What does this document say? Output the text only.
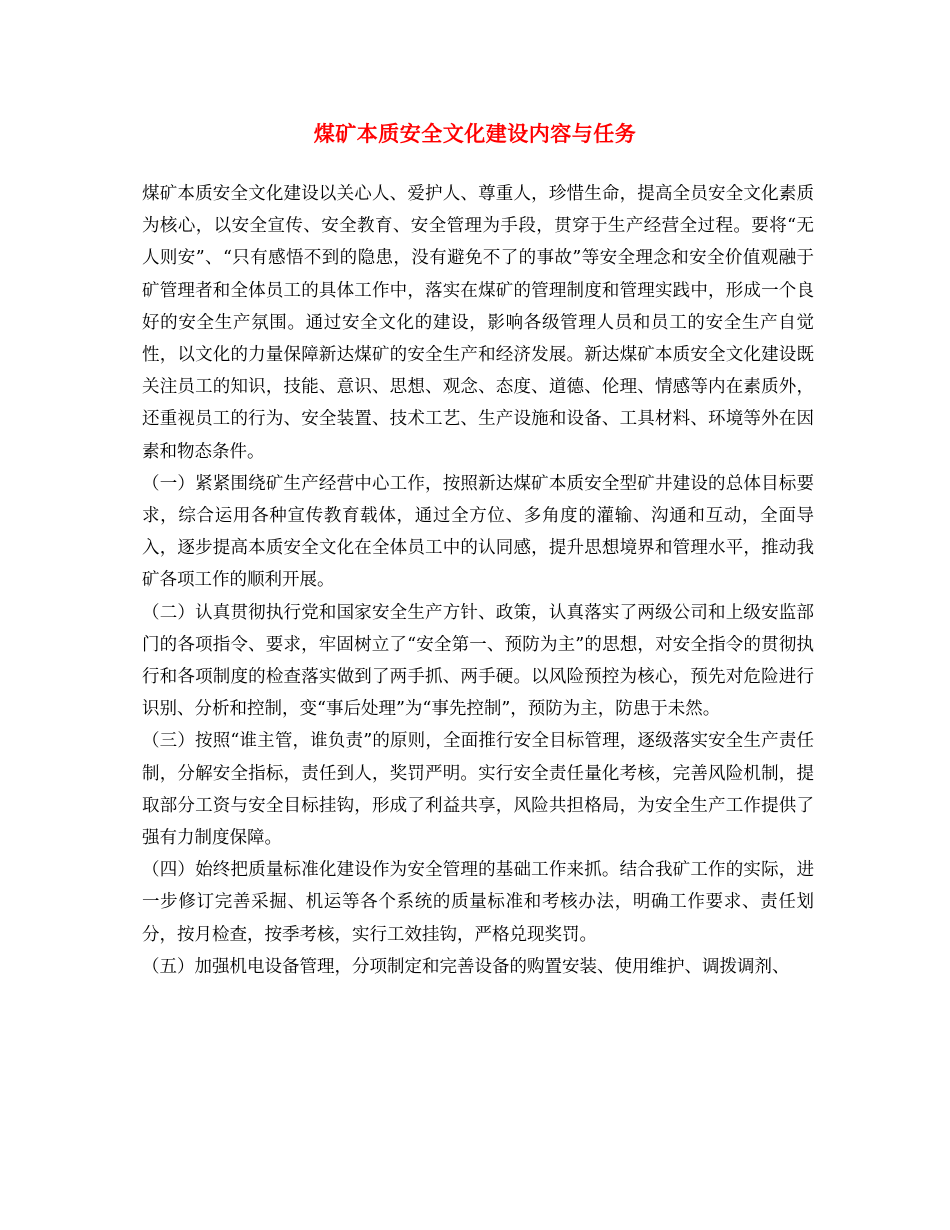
煤矿本质安全文化建设内容与任务

煤矿本质安全文化建设以关心人、爱护人、尊重人，珍惜生命，提高全员安全文化素质为核心，以安全宣传、安全教育、安全管理为手段，贯穿于生产经营全过程。要将“无人则安”、“只有感悟不到的隐患，没有避免不了的事故”等安全理念和安全价值观融于矿管理者和全体员工的具体工作中，落实在煤矿的管理制度和管理实践中，形成一个良好的安全生产氛围。通过安全文化的建设，影响各级管理人员和员工的安全生产自觉性，以文化的力量保障新达煤矿的安全生产和经济发展。新达煤矿本质安全文化建设既关注员工的知识，技能、意识、思想、观念、态度、道德、伦理、情感等内在素质外，还重视员工的行为、安全装置、技术工艺、生产设施和设备、工具材料、环境等外在因素和物态条件。

（一）紧紧围绕矿生产经营中心工作，按照新达煤矿本质安全型矿井建设的总体目标要求，综合运用各种宣传教育载体，通过全方位、多角度的灌输、沟通和互动，全面导入，逐步提高本质安全文化在全体员工中的认同感，提升思想境界和管理水平，推动我矿各项工作的顺利开展。

（二）认真贯彻执行党和国家安全生产方针、政策，认真落实了两级公司和上级安监部门的各项指令、要求，牢固树立了“安全第一、预防为主”的思想，对安全指令的贯彻执行和各项制度的检查落实做到了两手抓、两手硬。以风险预控为核心，预先对危险进行识别、分析和控制，变“事后处理”为“事先控制”，预防为主，防患于未然。

（三）按照“谁主管，谁负责”的原则，全面推行安全目标管理，逐级落实安全生产责任制，分解安全指标，责任到人，奖罚严明。实行安全责任量化考核，完善风险机制，提取部分工资与安全目标挂钩，形成了利益共享，风险共担格局，为安全生产工作提供了强有力制度保障。

（四）始终把质量标准化建设作为安全管理的基础工作来抓。结合我矿工作的实际，进一步修订完善采掘、机运等各个系统的质量标准和考核办法，明确工作要求、责任划分，按月检查，按季考核，实行工效挂钩，严格兑现奖罚。

（五）加强机电设备管理，分项制定和完善设备的购置安装、使用维护、调拨调剂、
